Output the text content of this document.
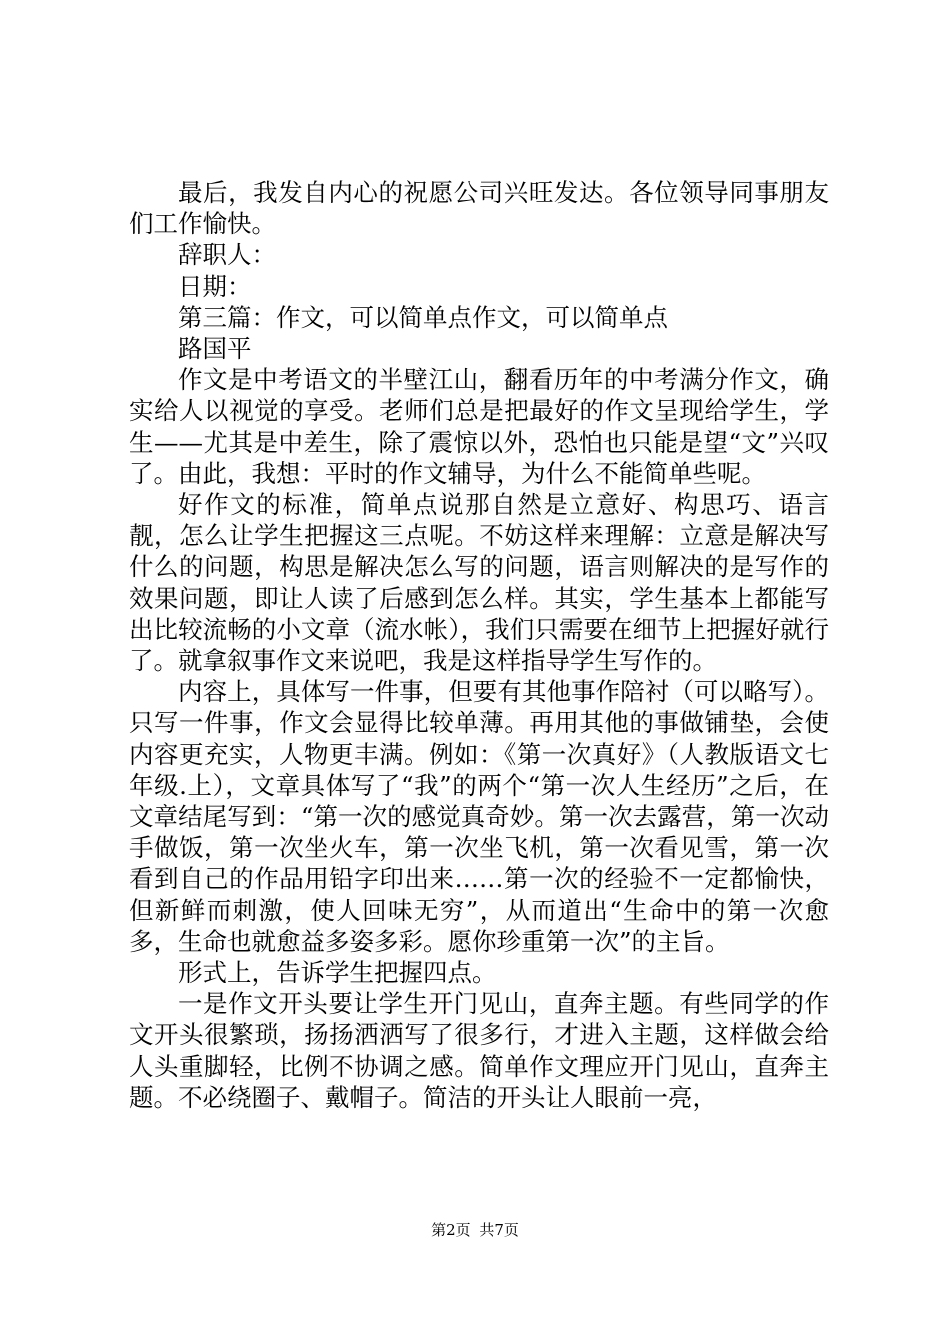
最后，我发自内心的祝愿公司兴旺发达。各位领导同事朋友们工作愉快。

辞职人：

日期：

第三篇：作文，可以简单点作文，可以简单点

路国平

作文是中考语文的半壁江山，翻看历年的中考满分作文，确实给人以视觉的享受。老师们总是把最好的作文呈现给学生，学生——尤其是中差生，除了震惊以外，恐怕也只能是望“文”兴叹了。由此，我想：平时的作文辅导，为什么不能简单些呢。

好作文的标准，简单点说那自然是立意好、构思巧、语言靓，怎么让学生把握这三点呢。不妨这样来理解：立意是解决写什么的问题，构思是解决怎么写的问题，语言则解决的是写作的效果问题，即让人读了后感到怎么样。其实，学生基本上都能写出比较流畅的小文章（流水帐），我们只需要在细节上把握好就行了。就拿叙事作文来说吧，我是这样指导学生写作的。

内容上，具体写一件事，但要有其他事作陪衬（可以略写）。只写一件事，作文会显得比较单薄。再用其他的事做铺垫，会使内容更充实，人物更丰满。例如：《第一次真好》（人教版语文七年级.上），文章具体写了“我”的两个“第一次人生经历”之后，在文章结尾写到：“第一次的感觉真奇妙。第一次去露营，第一次动手做饭，第一次坐火车，第一次坐飞机，第一次看见雪，第一次看到自己的作品用铅字印出来……第一次的经验不一定都愉快，但新鲜而刺激，使人回味无穷”，从而道出“生命中的第一次愈多，生命也就愈益多姿多彩。愿你珍重第一次”的主旨。

形式上，告诉学生把握四点。

一是作文开头要让学生开门见山，直奔主题。有些同学的作文开头很繁琐，扬扬洒洒写了很多行，才进入主题，这样做会给人头重脚轻，比例不协调之感。简单作文理应开门见山，直奔主题。不必绕圈子、戴帽子。简洁的开头让人眼前一亮，

第2页 共7页
